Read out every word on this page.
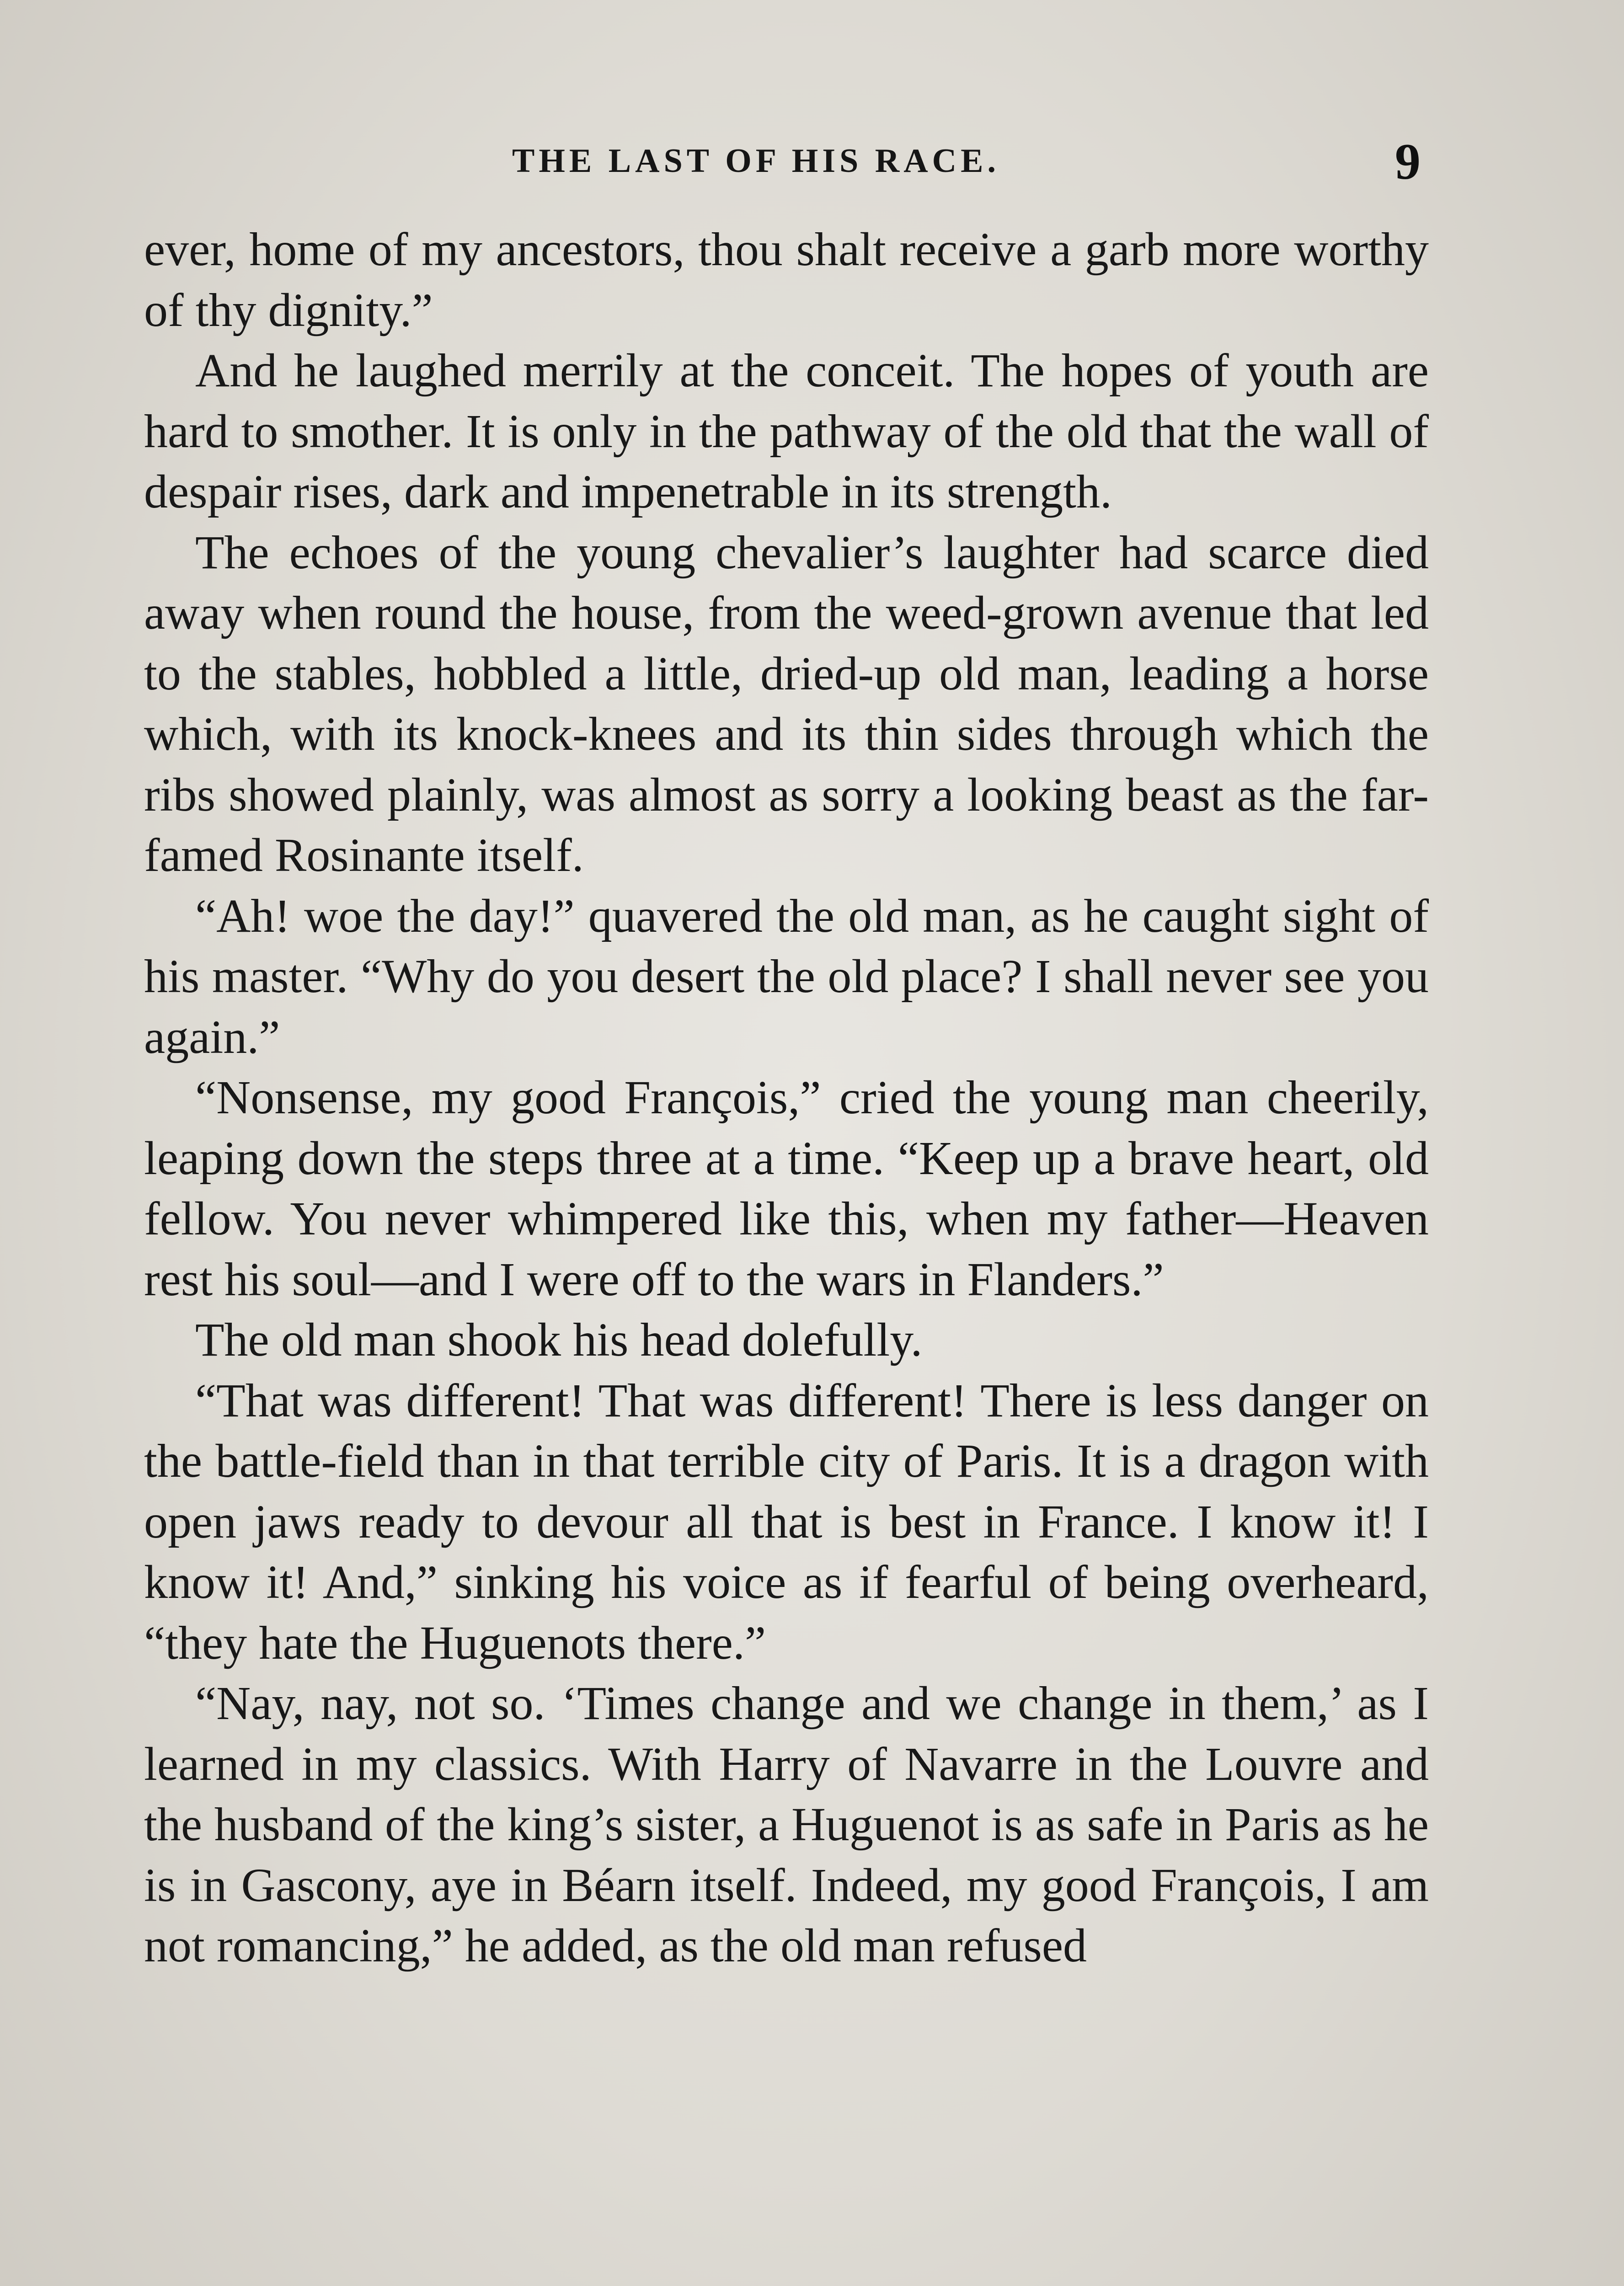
THE LAST OF HIS RACE.	9

ever, home of my ancestors, thou shalt receive a garb more worthy of thy dignity.”

And he laughed merrily at the conceit. The hopes of youth are hard to smother. It is only in the pathway of the old that the wall of despair rises, dark and impenetrable in its strength.

The echoes of the young chevalier’s laughter had scarce died away when round the house, from the weed-grown avenue that led to the stables, hobbled a little, dried-up old man, leading a horse which, with its knock-knees and its thin sides through which the ribs showed plainly, was almost as sorry a looking beast as the far-famed Rosinante itself.

“Ah! woe the day!” quavered the old man, as he caught sight of his master. “Why do you desert the old place? I shall never see you again.”

“Nonsense, my good François,” cried the young man cheerily, leaping down the steps three at a time. “Keep up a brave heart, old fellow. You never whimpered like this, when my father—Heaven rest his soul—and I were off to the wars in Flanders.”

The old man shook his head dolefully.

“That was different! That was different! There is less danger on the battle-field than in that terrible city of Paris. It is a dragon with open jaws ready to devour all that is best in France. I know it! I know it! And,” sinking his voice as if fearful of being overheard, “they hate the Huguenots there.”

“Nay, nay, not so. ‘Times change and we change in them,’ as I learned in my classics. With Harry of Navarre in the Louvre and the husband of the king’s sister, a Huguenot is as safe in Paris as he is in Gascony, aye in Béarn itself. Indeed, my good François, I am not romancing,” he added, as the old man refused
